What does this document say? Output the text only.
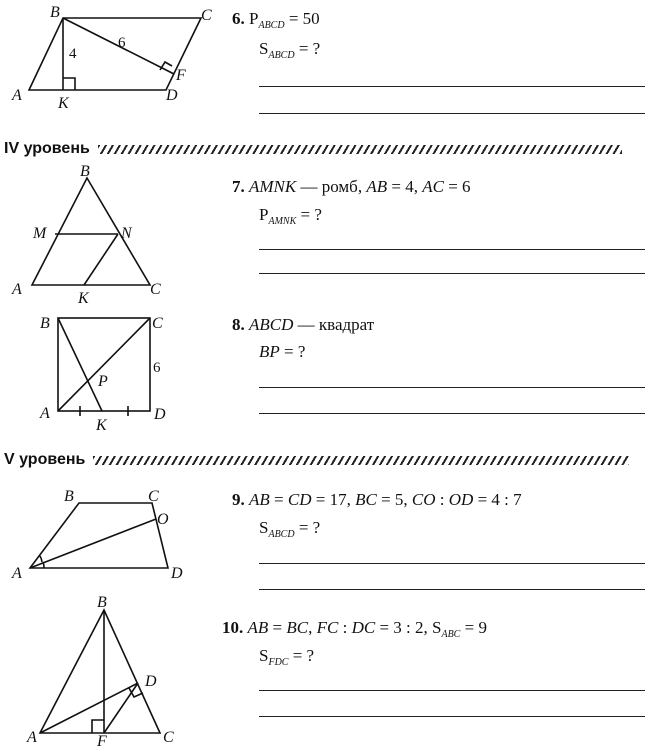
B	C
A K	D
F
4
6
B
M	N
A
K
C
B	C
A
K
D
P
6
B	C
O
A	D
B
D
A	F	C
IV уровень
V уровень
6. $P_{ABCD} = 50$
$S_{ABCD}$ = ?
7. AMNK — ромб, AB = 4, AC = 6
$P_{AMNK}$ = ?
8. ABCD — квадрат
BP = ?
9. AB = CD = 17, BC = 5, CO : OD = 4 : 7
$S_{ABCD}$ = ?
10. AB = BC, FC : DC = 3 : 2, $S_{ABC} = 9$
$S_{FDC}$ = ?
